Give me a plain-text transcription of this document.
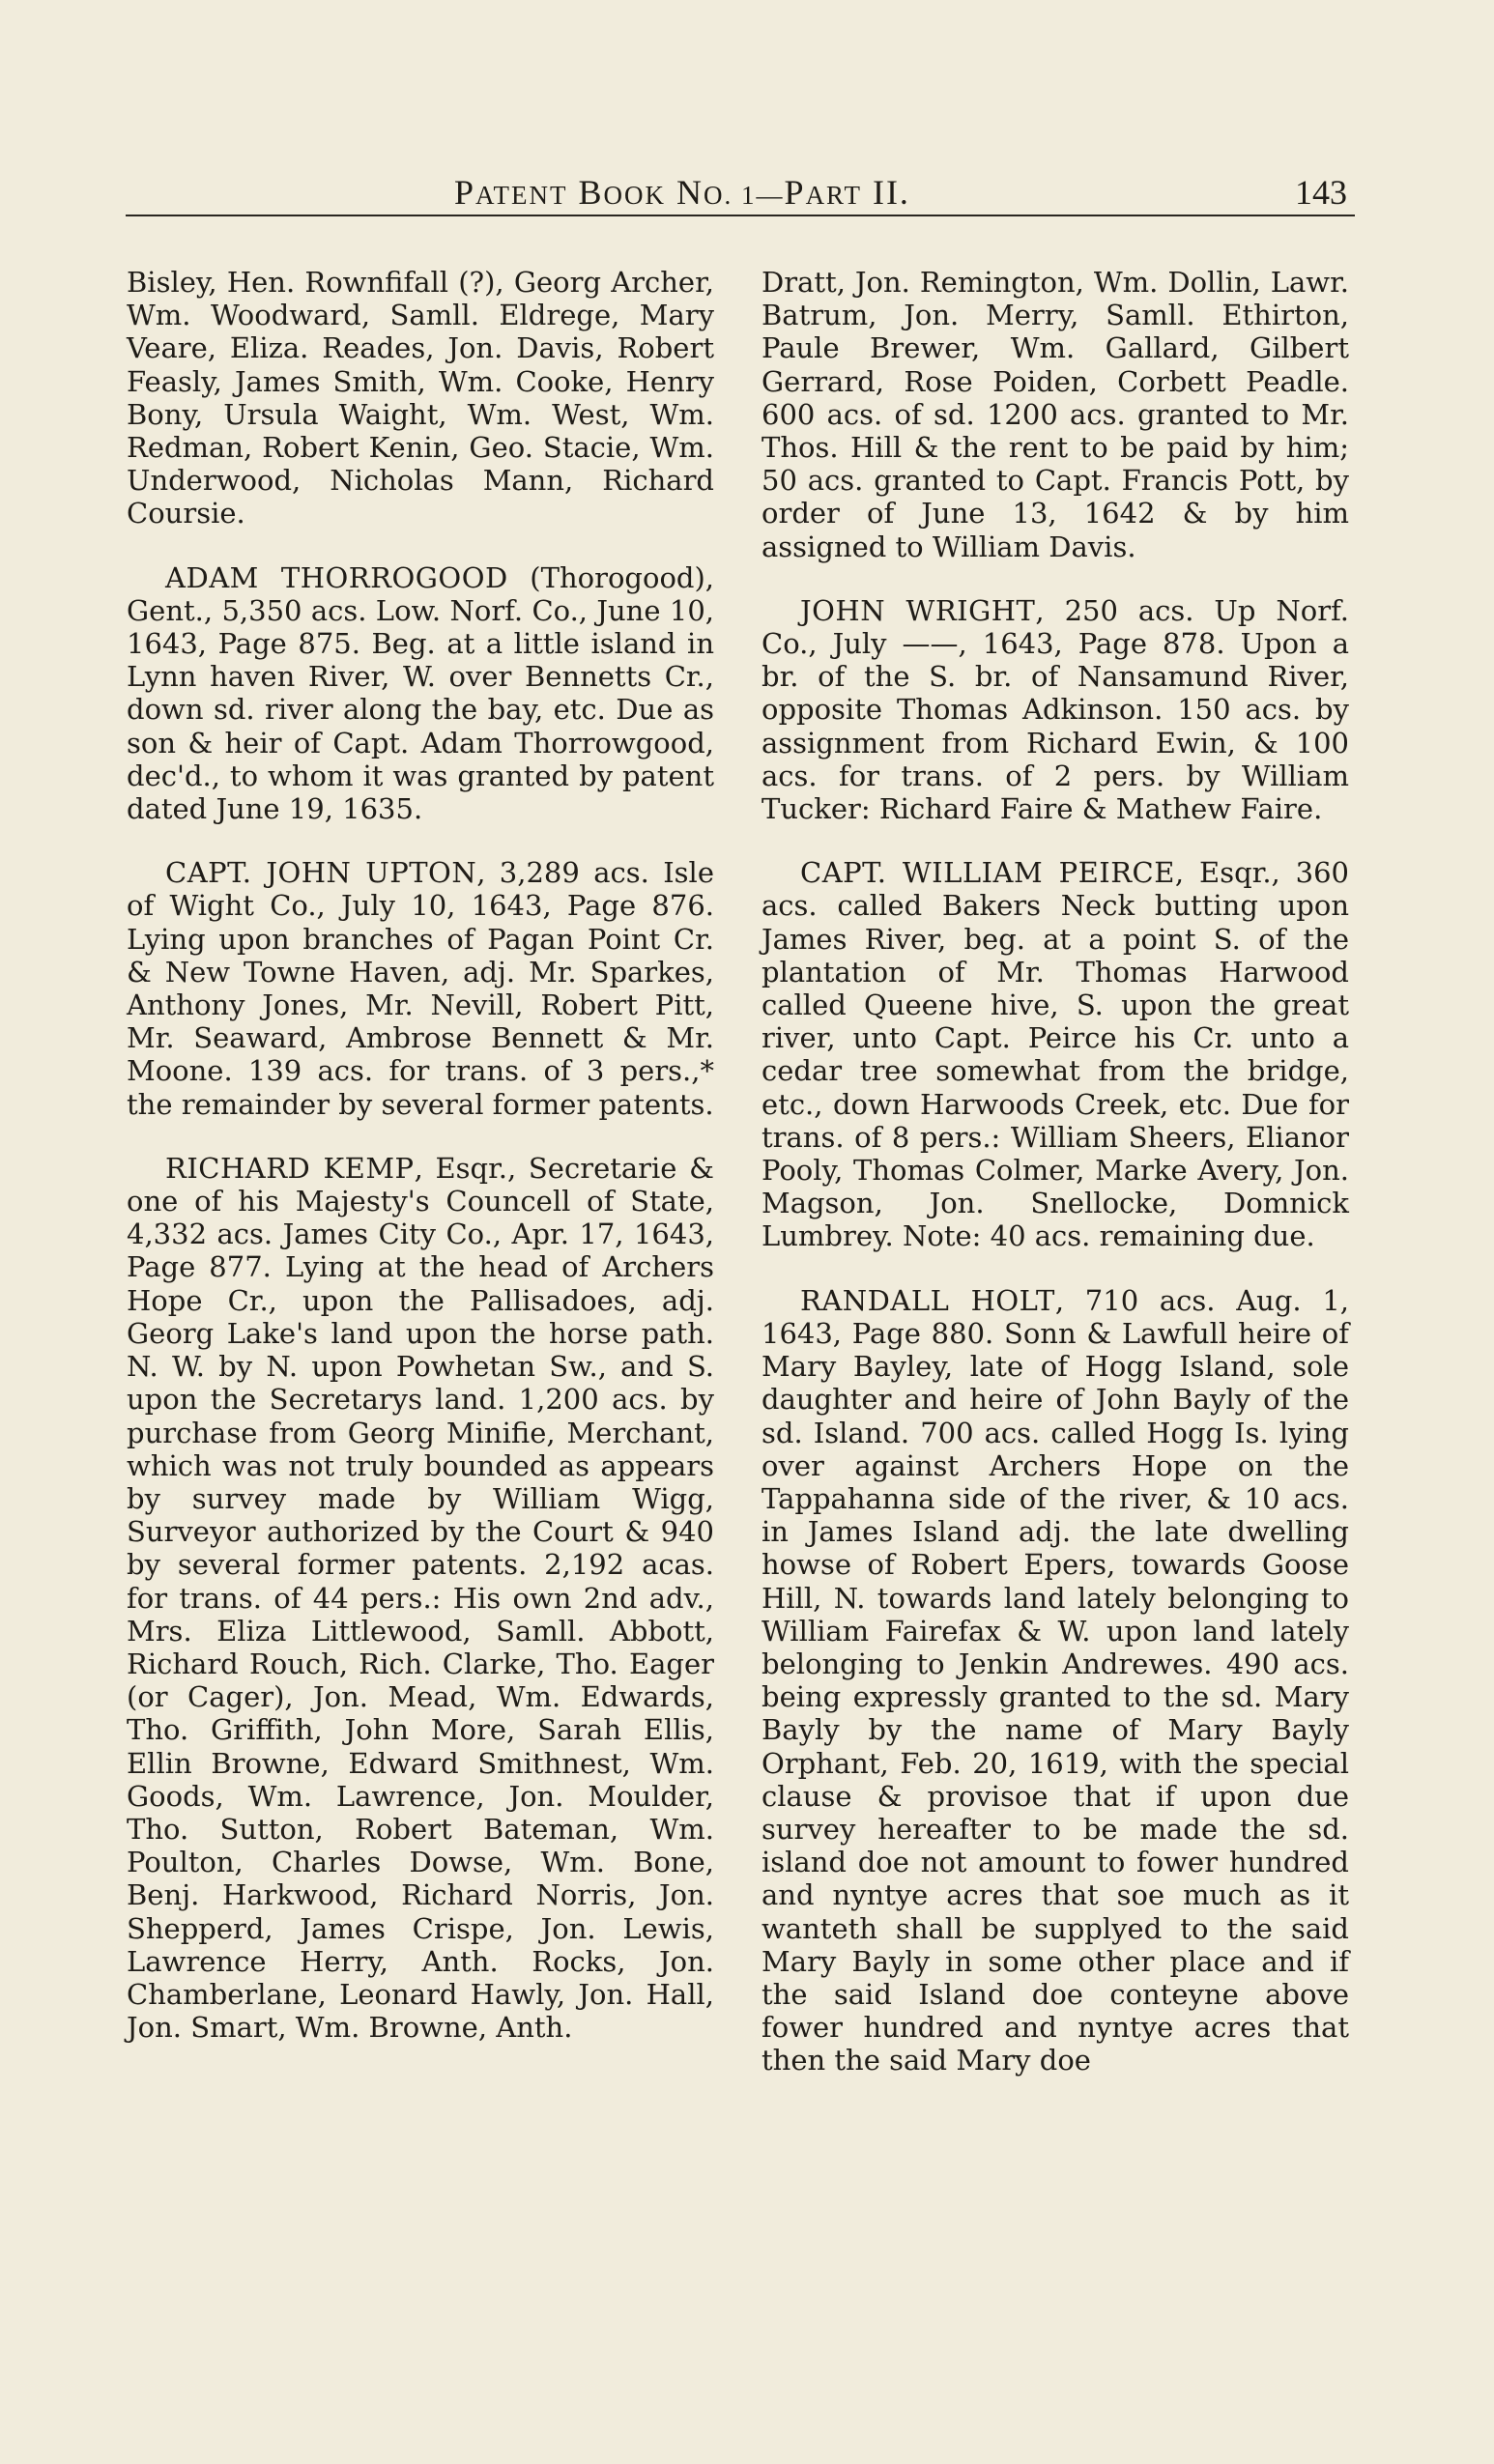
PATENT BOOK NO. 1—PART II.	143

Bisley, Hen. Rownfifall (?), Georg Archer, Wm. Woodward, Samll. Eldrege, Mary Veare, Eliza. Reades, Jon. Davis, Robert Feasly, James Smith, Wm. Cooke, Henry Bony, Ursula Waight, Wm. West, Wm. Redman, Robert Kenin, Geo. Stacie, Wm. Underwood, Nicholas Mann, Richard Coursie.

ADAM THORROGOOD (Thorogood), Gent., 5,350 acs. Low. Norf. Co., June 10, 1643, Page 875. Beg. at a little island in Lynn haven River, W. over Bennetts Cr., down sd. river along the bay, etc. Due as son & heir of Capt. Adam Thorrowgood, dec'd., to whom it was granted by patent dated June 19, 1635.

CAPT. JOHN UPTON, 3,289 acs. Isle of Wight Co., July 10, 1643, Page 876. Lying upon branches of Pagan Point Cr. & New Towne Haven, adj. Mr. Sparkes, Anthony Jones, Mr. Nevill, Robert Pitt, Mr. Seaward, Ambrose Bennett & Mr. Moone. 139 acs. for trans. of 3 pers.,* the remainder by several former patents.

RICHARD KEMP, Esqr., Secretarie & one of his Majesty's Councell of State, 4,332 acs. James City Co., Apr. 17, 1643, Page 877. Lying at the head of Archers Hope Cr., upon the Pallisadoes, adj. Georg Lake's land upon the horse path. N. W. by N. upon Powhetan Sw., and S. upon the Secretarys land. 1,200 acs. by purchase from Georg Minifie, Merchant, which was not truly bounded as appears by survey made by William Wigg, Surveyor authorized by the Court & 940 by several former patents. 2,192 acas. for trans. of 44 pers.: His own 2nd adv., Mrs. Eliza Littlewood, Samll. Abbott, Richard Rouch, Rich. Clarke, Tho. Eager (or Cager), Jon. Mead, Wm. Edwards, Tho. Griffith, John More, Sarah Ellis, Ellin Browne, Edward Smithnest, Wm. Goods, Wm. Lawrence, Jon. Moulder, Tho. Sutton, Robert Bateman, Wm. Poulton, Charles Dowse, Wm. Bone, Benj. Harkwood, Richard Norris, Jon. Shepperd, James Crispe, Jon. Lewis, Lawrence Herry, Anth. Rocks, Jon. Chamberlane, Leonard Hawly, Jon. Hall, Jon. Smart, Wm. Browne, Anth.

Dratt, Jon. Remington, Wm. Dollin, Lawr. Batrum, Jon. Merry, Samll. Ethirton, Paule Brewer, Wm. Gallard, Gilbert Gerrard, Rose Poiden, Corbett Peadle. 600 acs. of sd. 1200 acs. granted to Mr. Thos. Hill & the rent to be paid by him; 50 acs. granted to Capt. Francis Pott, by order of June 13, 1642 & by him assigned to William Davis.

JOHN WRIGHT, 250 acs. Up Norf. Co., July ——, 1643, Page 878. Upon a br. of the S. br. of Nansamund River, opposite Thomas Adkinson. 150 acs. by assignment from Richard Ewin, & 100 acs. for trans. of 2 pers. by William Tucker: Richard Faire & Mathew Faire.

CAPT. WILLIAM PEIRCE, Esqr., 360 acs. called Bakers Neck butting upon James River, beg. at a point S. of the plantation of Mr. Thomas Harwood called Queene hive, S. upon the great river, unto Capt. Peirce his Cr. unto a cedar tree somewhat from the bridge, etc., down Harwoods Creek, etc. Due for trans. of 8 pers.: William Sheers, Elianor Pooly, Thomas Colmer, Marke Avery, Jon. Magson, Jon. Snellocke, Domnick Lumbrey. Note: 40 acs. remaining due.

RANDALL HOLT, 710 acs. Aug. 1, 1643, Page 880. Sonn & Lawfull heire of Mary Bayley, late of Hogg Island, sole daughter and heire of John Bayly of the sd. Island. 700 acs. called Hogg Is. lying over against Archers Hope on the Tappahanna side of the river, & 10 acs. in James Island adj. the late dwelling howse of Robert Epers, towards Goose Hill, N. towards land lately belonging to William Fairefax & W. upon land lately belonging to Jenkin Andrewes. 490 acs. being expressly granted to the sd. Mary Bayly by the name of Mary Bayly Orphant, Feb. 20, 1619, with the special clause & provisoe that if upon due survey hereafter to be made the sd. island doe not amount to fower hundred and nyntye acres that soe much as it wanteth shall be supplyed to the said Mary Bayly in some other place and if the said Island doe conteyne above fower hundred and nyntye acres that then the said Mary doe
